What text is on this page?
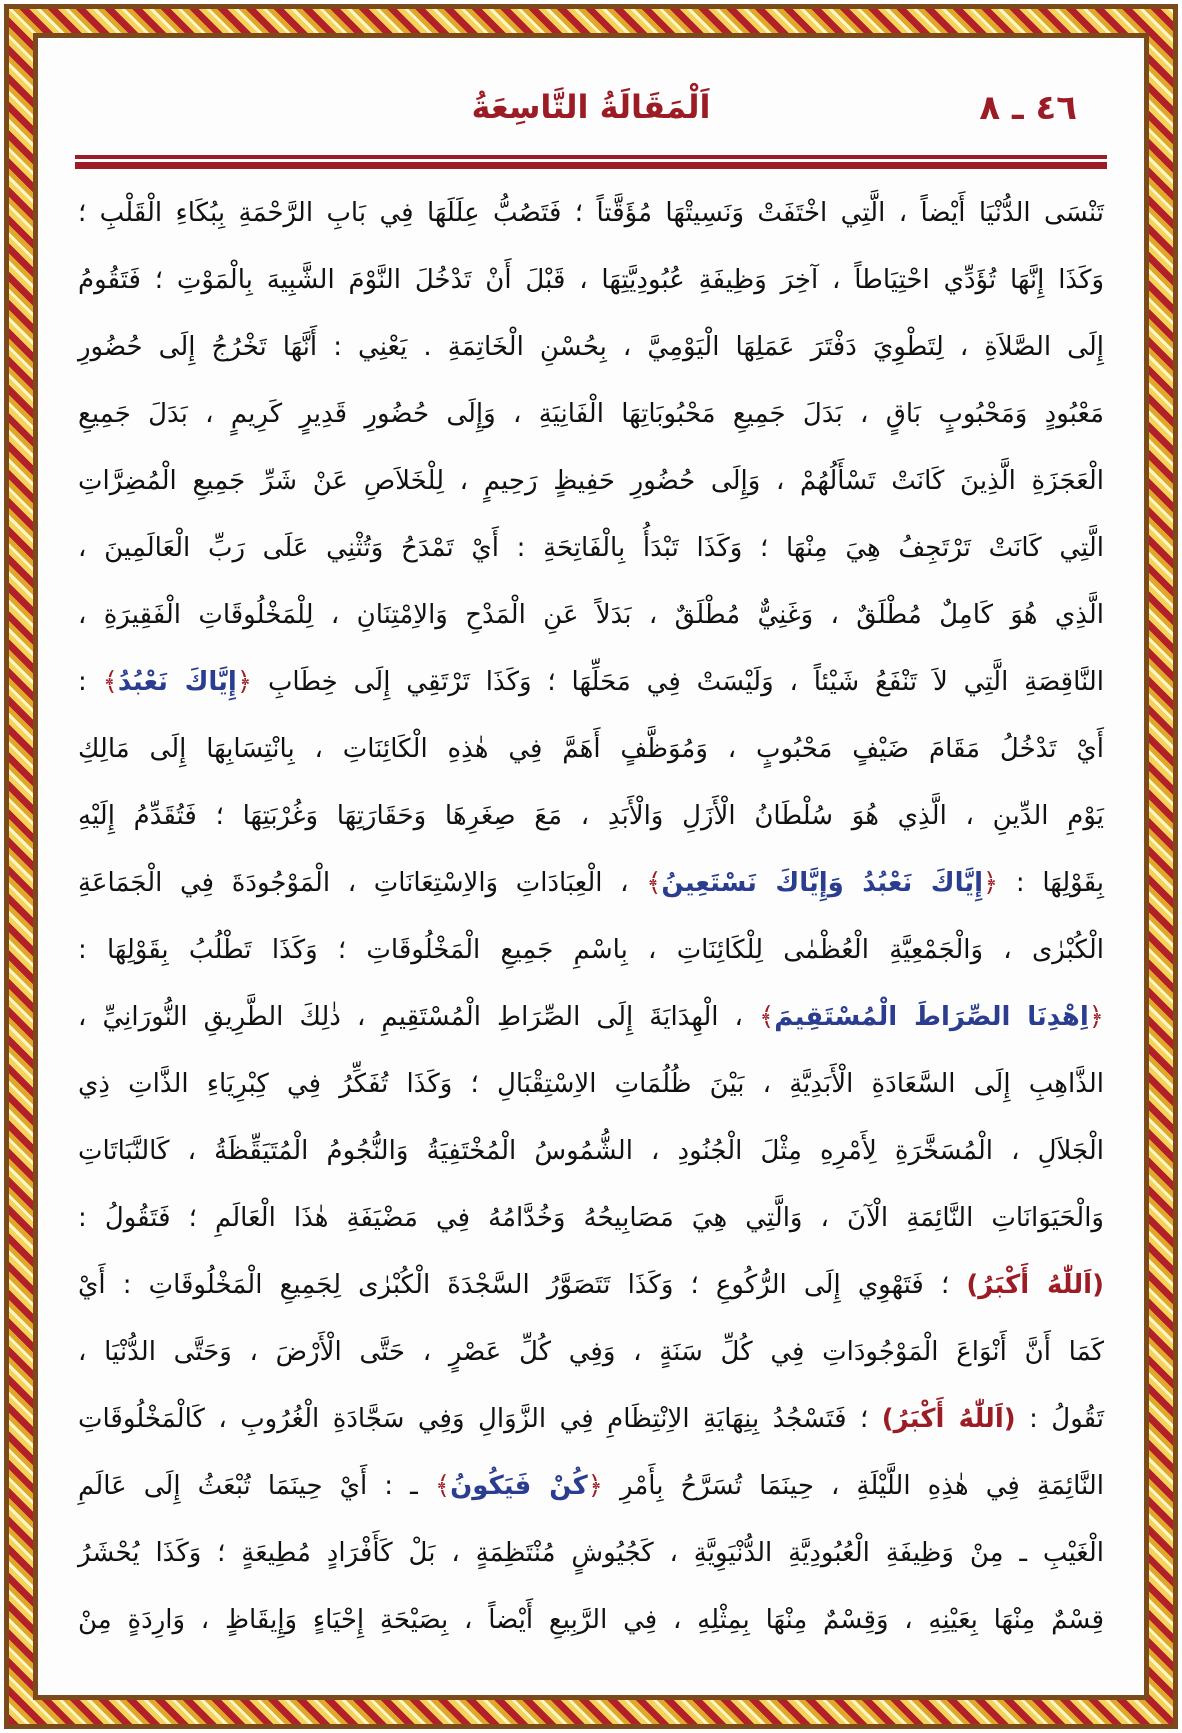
٤٦ ـ ٨
اَلْمَقَالَةُ التَّاسِعَةُ
تَنْسَى الدُّنْيَا أَيْضاً ، الَّتِي اخْتَفَتْ وَنَسِيتْهَا مُؤَقَّتاً ؛ فَتَصُبُّ عِلَلَهَا فِي بَابِ الرَّحْمَةِ بِبُكَاءِ الْقَلْبِ ؛
وَكَذَا إِنَّهَا تُؤَدِّي احْتِيَاطاً ، آخِرَ وَظِيفَةِ عُبُودِيَّتِهَا ، قَبْلَ أَنْ تَدْخُلَ النَّوْمَ الشَّبِيهَ بِالْمَوْتِ ؛ فَتَقُومُ
إِلَى الصَّلاَةِ ، لِتَطْوِيَ دَفْتَرَ عَمَلِهَا الْيَوْمِيَّ ، بِحُسْنِ الْخَاتِمَةِ . يَعْنِي : أَنَّهَا تَخْرُجُ إِلَى حُضُورِ
مَعْبُودٍ وَمَحْبُوبٍ بَاقٍ ، بَدَلَ جَمِيعِ مَحْبُوبَاتِهَا الْفَانِيَةِ ، وَإِلَى حُضُورِ قَدِيرٍ كَرِيمٍ ، بَدَلَ جَمِيعِ
الْعَجَزَةِ الَّذِينَ كَانَتْ تَسْأَلُهُمْ ، وَإِلَى حُضُورِ حَفِيظٍ رَحِيمٍ ، لِلْخَلاَصِ عَنْ شَرِّ جَمِيعِ الْمُضِرَّاتِ
الَّتِي كَانَتْ تَرْتَجِفُ هِيَ مِنْهَا ؛ وَكَذَا تَبْدَأُ بِالْفَاتِحَةِ : أَيْ تَمْدَحُ وَتُثْنِي عَلَى رَبِّ الْعَالَمِينَ ،
الَّذِي هُوَ كَامِلٌ مُطْلَقٌ ، وَغَنِيٌّ مُطْلَقٌ ، بَدَلاً عَنِ الْمَدْحِ وَالاِمْتِنَانِ ، لِلْمَخْلُوقَاتِ الْفَقِيرَةِ ،
النَّاقِصَةِ الَّتِي لاَ تَنْفَعُ شَيْئاً ، وَلَيْسَتْ فِي مَحَلِّهَا ؛ وَكَذَا تَرْتَقِي إِلَى خِطَابِ ﴿إِيَّاكَ نَعْبُدُ﴾ :
أَيْ تَدْخُلُ مَقَامَ ضَيْفٍ مَحْبُوبٍ ، وَمُوَظَّفٍ أَهَمَّ فِي هٰذِهِ الْكَائِنَاتِ ، بِانْتِسَابِهَا إِلَى مَالِكِ
يَوْمِ الدِّينِ ، الَّذِي هُوَ سُلْطَانُ الْأَزَلِ وَالْأَبَدِ ، مَعَ صِغَرِهَا وَحَقَارَتِهَا وَغُرْبَتِهَا ؛ فَتُقَدِّمُ إِلَيْهِ
بِقَوْلِهَا : ﴿إِيَّاكَ نَعْبُدُ وَإِيَّاكَ نَسْتَعِينُ﴾ ، الْعِبَادَاتِ وَالاِسْتِعَانَاتِ ، الْمَوْجُودَةَ فِي الْجَمَاعَةِ
الْكُبْرٰى ، وَالْجَمْعِيَّةِ الْعُظْمٰى لِلْكَائِنَاتِ ، بِاسْمِ جَمِيعِ الْمَخْلُوقَاتِ ؛ وَكَذَا تَطْلُبُ بِقَوْلِهَا :
﴿اِهْدِنَا الصِّرَاطَ الْمُسْتَقِيمَ﴾ ، الْهِدَايَةَ إِلَى الصِّرَاطِ الْمُسْتَقِيمِ ، ذٰلِكَ الطَّرِيقِ النُّورَانِيِّ ،
الذَّاهِبِ إِلَى السَّعَادَةِ الْأَبَدِيَّةِ ، بَيْنَ ظُلُمَاتِ الاِسْتِقْبَالِ ؛ وَكَذَا تُفَكِّرُ فِي كِبْرِيَاءِ الذَّاتِ ذِي
الْجَلاَلِ ، الْمُسَخَّرَةِ لِأَمْرِهِ مِثْلَ الْجُنُودِ ، الشُّمُوسُ الْمُخْتَفِيَةُ وَالنُّجُومُ الْمُتَيَقِّظَةُ ، كَالنَّبَاتَاتِ
وَالْحَيَوَانَاتِ النَّائِمَةِ الْآنَ ، وَالَّتِي هِيَ مَصَابِيحُهُ وَخُدَّامُهُ فِي مَضْيَفَةِ هٰذَا الْعَالَمِ ؛ فَتَقُولُ :
(اَللّٰهُ أَكْبَرُ) ؛ فَتَهْوِي إِلَى الرُّكُوعِ ؛ وَكَذَا تَتَصَوَّرُ السَّجْدَةَ الْكُبْرٰى لِجَمِيعِ الْمَخْلُوقَاتِ : أَيْ
كَمَا أَنَّ أَنْوَاعَ الْمَوْجُودَاتِ فِي كُلِّ سَنَةٍ ، وَفِي كُلِّ عَصْرٍ ، حَتَّى الْأَرْضَ ، وَحَتَّى الدُّنْيَا ،
تَقُولُ : (اَللّٰهُ أَكْبَرُ) ؛ فَتَسْجُدُ بِنِهَايَةِ الاِنْتِظَامِ فِي الزَّوَالِ وَفِي سَجَّادَةِ الْغُرُوبِ ، كَالْمَخْلُوقَاتِ
النَّائِمَةِ فِي هٰذِهِ اللَّيْلَةِ ، حِينَمَا تُسَرَّحُ بِأَمْرِ ﴿كُنْ فَيَكُونُ﴾ ـ : أَيْ حِينَمَا تُبْعَثُ إِلَى عَالَمِ
الْغَيْبِ ـ مِنْ وَظِيفَةِ الْعُبُودِيَّةِ الدُّنْيَوِيَّةِ ، كَجُيُوشٍ مُنْتَظِمَةٍ ، بَلْ كَأَفْرَادٍ مُطِيعَةٍ ؛ وَكَذَا يُحْشَرُ
قِسْمٌ مِنْهَا بِعَيْنِهِ ، وَقِسْمٌ مِنْهَا بِمِثْلِهِ ، فِي الرَّبِيعِ أَيْضاً ، بِصَيْحَةِ إِحْيَاءٍ وَإِيقَاظٍ ، وَارِدَةٍ مِنْ
